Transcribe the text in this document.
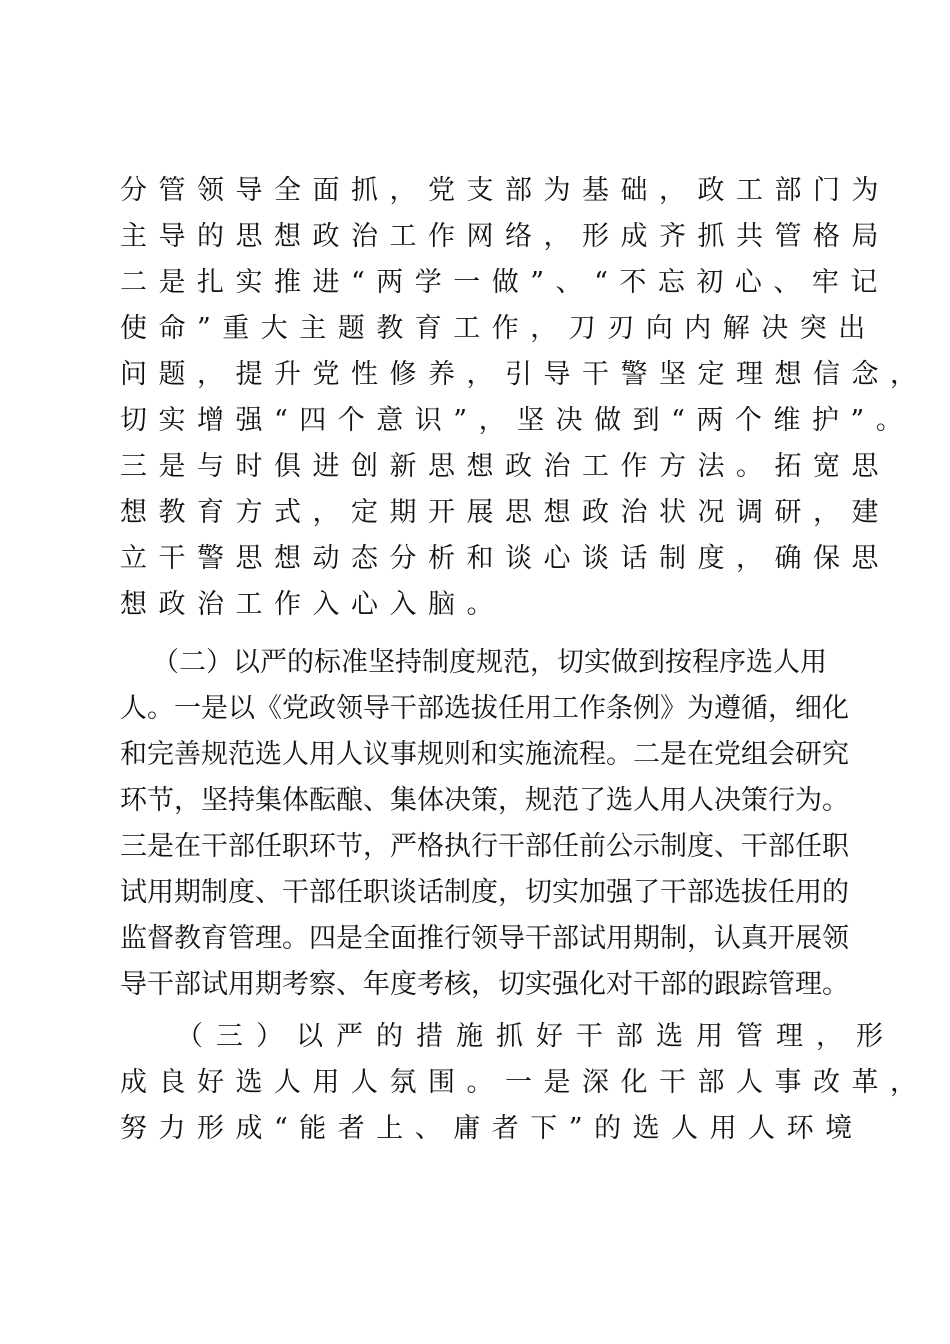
分管领导全面抓，党支部为基础，政工部门为
主导的思想政治工作网络，形成齐抓共管格局
二是扎实推进“两学一做”、“不忘初心、牢记
使命”重大主题教育工作，刀刃向内解决突出
问题，提升党性修养，引导干警坚定理想信念，
切实增强“四个意识”，坚决做到“两个维护”。
三是与时俱进创新思想政治工作方法。拓宽思
想教育方式，定期开展思想政治状况调研，建
立干警思想动态分析和谈心谈话制度，确保思
想政治工作入心入脑。
（二）以严的标准坚持制度规范，切实做到按程序选人用
人。一是以《党政领导干部选拔任用工作条例》为遵循，细化
和完善规范选人用人议事规则和实施流程。二是在党组会研究
环节，坚持集体酝酿、集体决策，规范了选人用人决策行为。
三是在干部任职环节，严格执行干部任前公示制度、干部任职
试用期制度、干部任职谈话制度，切实加强了干部选拔任用的
监督教育管理。四是全面推行领导干部试用期制，认真开展领
导干部试用期考察、年度考核，切实强化对干部的跟踪管理。
（三）以严的措施抓好干部选用管理，形
成良好选人用人氛围。一是深化干部人事改革，
努力形成“能者上、庸者下”的选人用人环境
